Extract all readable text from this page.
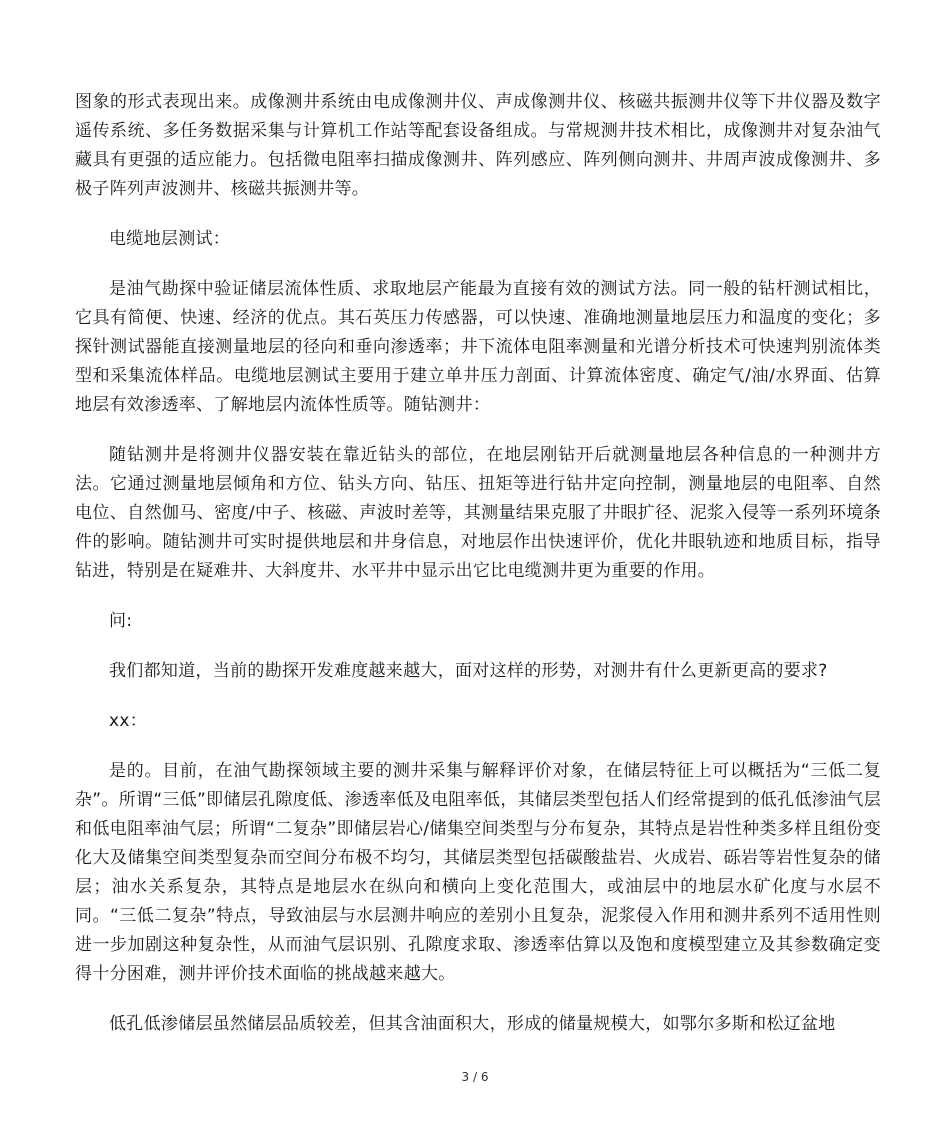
图象的形式表现出来。成像测井系统由电成像测井仪、声成像测井仪、核磁共振测井仪等下井仪器及数字遥传系统、多任务数据采集与计算机工作站等配套设备组成。与常规测井技术相比，成像测井对复杂油气藏具有更强的适应能力。包括微电阻率扫描成像测井、阵列感应、阵列侧向测井、井周声波成像测井、多极子阵列声波测井、核磁共振测井等。

电缆地层测试：

是油气勘探中验证储层流体性质、求取地层产能最为直接有效的测试方法。同一般的钻杆测试相比，它具有简便、快速、经济的优点。其石英压力传感器，可以快速、准确地测量地层压力和温度的变化；多探针测试器能直接测量地层的径向和垂向渗透率；井下流体电阻率测量和光谱分析技术可快速判别流体类型和采集流体样品。电缆地层测试主要用于建立单井压力剖面、计算流体密度、确定气/油/水界面、估算地层有效渗透率、了解地层内流体性质等。随钻测井：

随钻测井是将测井仪器安装在靠近钻头的部位，在地层刚钻开后就测量地层各种信息的一种测井方法。它通过测量地层倾角和方位、钻头方向、钻压、扭矩等进行钻井定向控制，测量地层的电阻率、自然电位、自然伽马、密度/中子、核磁、声波时差等，其测量结果克服了井眼扩径、泥浆入侵等一系列环境条件的影响。随钻测井可实时提供地层和井身信息，对地层作出快速评价，优化井眼轨迹和地质目标，指导钻进，特别是在疑难井、大斜度井、水平井中显示出它比电缆测井更为重要的作用。

问:

我们都知道，当前的勘探开发难度越来越大，面对这样的形势，对测井有什么更新更高的要求?

xx：

是的。目前，在油气勘探领域主要的测井采集与解释评价对象，在储层特征上可以概括为“三低二复杂”。所谓“三低”即储层孔隙度低、渗透率低及电阻率低，其储层类型包括人们经常提到的低孔低渗油气层和低电阻率油气层；所谓“二复杂”即储层岩心/储集空间类型与分布复杂，其特点是岩性种类多样且组份变化大及储集空间类型复杂而空间分布极不均匀，其储层类型包括碳酸盐岩、火成岩、砾岩等岩性复杂的储层；油水关系复杂，其特点是地层水在纵向和横向上变化范围大，或油层中的地层水矿化度与水层不同。“三低二复杂”特点，导致油层与水层测井响应的差别小且复杂，泥浆侵入作用和测井系列不适用性则进一步加剧这种复杂性，从而油气层识别、孔隙度求取、渗透率估算以及饱和度模型建立及其参数确定变得十分困难，测井评价技术面临的挑战越来越大。

低孔低渗储层虽然储层品质较差，但其含油面积大，形成的储量规模大，如鄂尔多斯和松辽盆地

3 / 6
